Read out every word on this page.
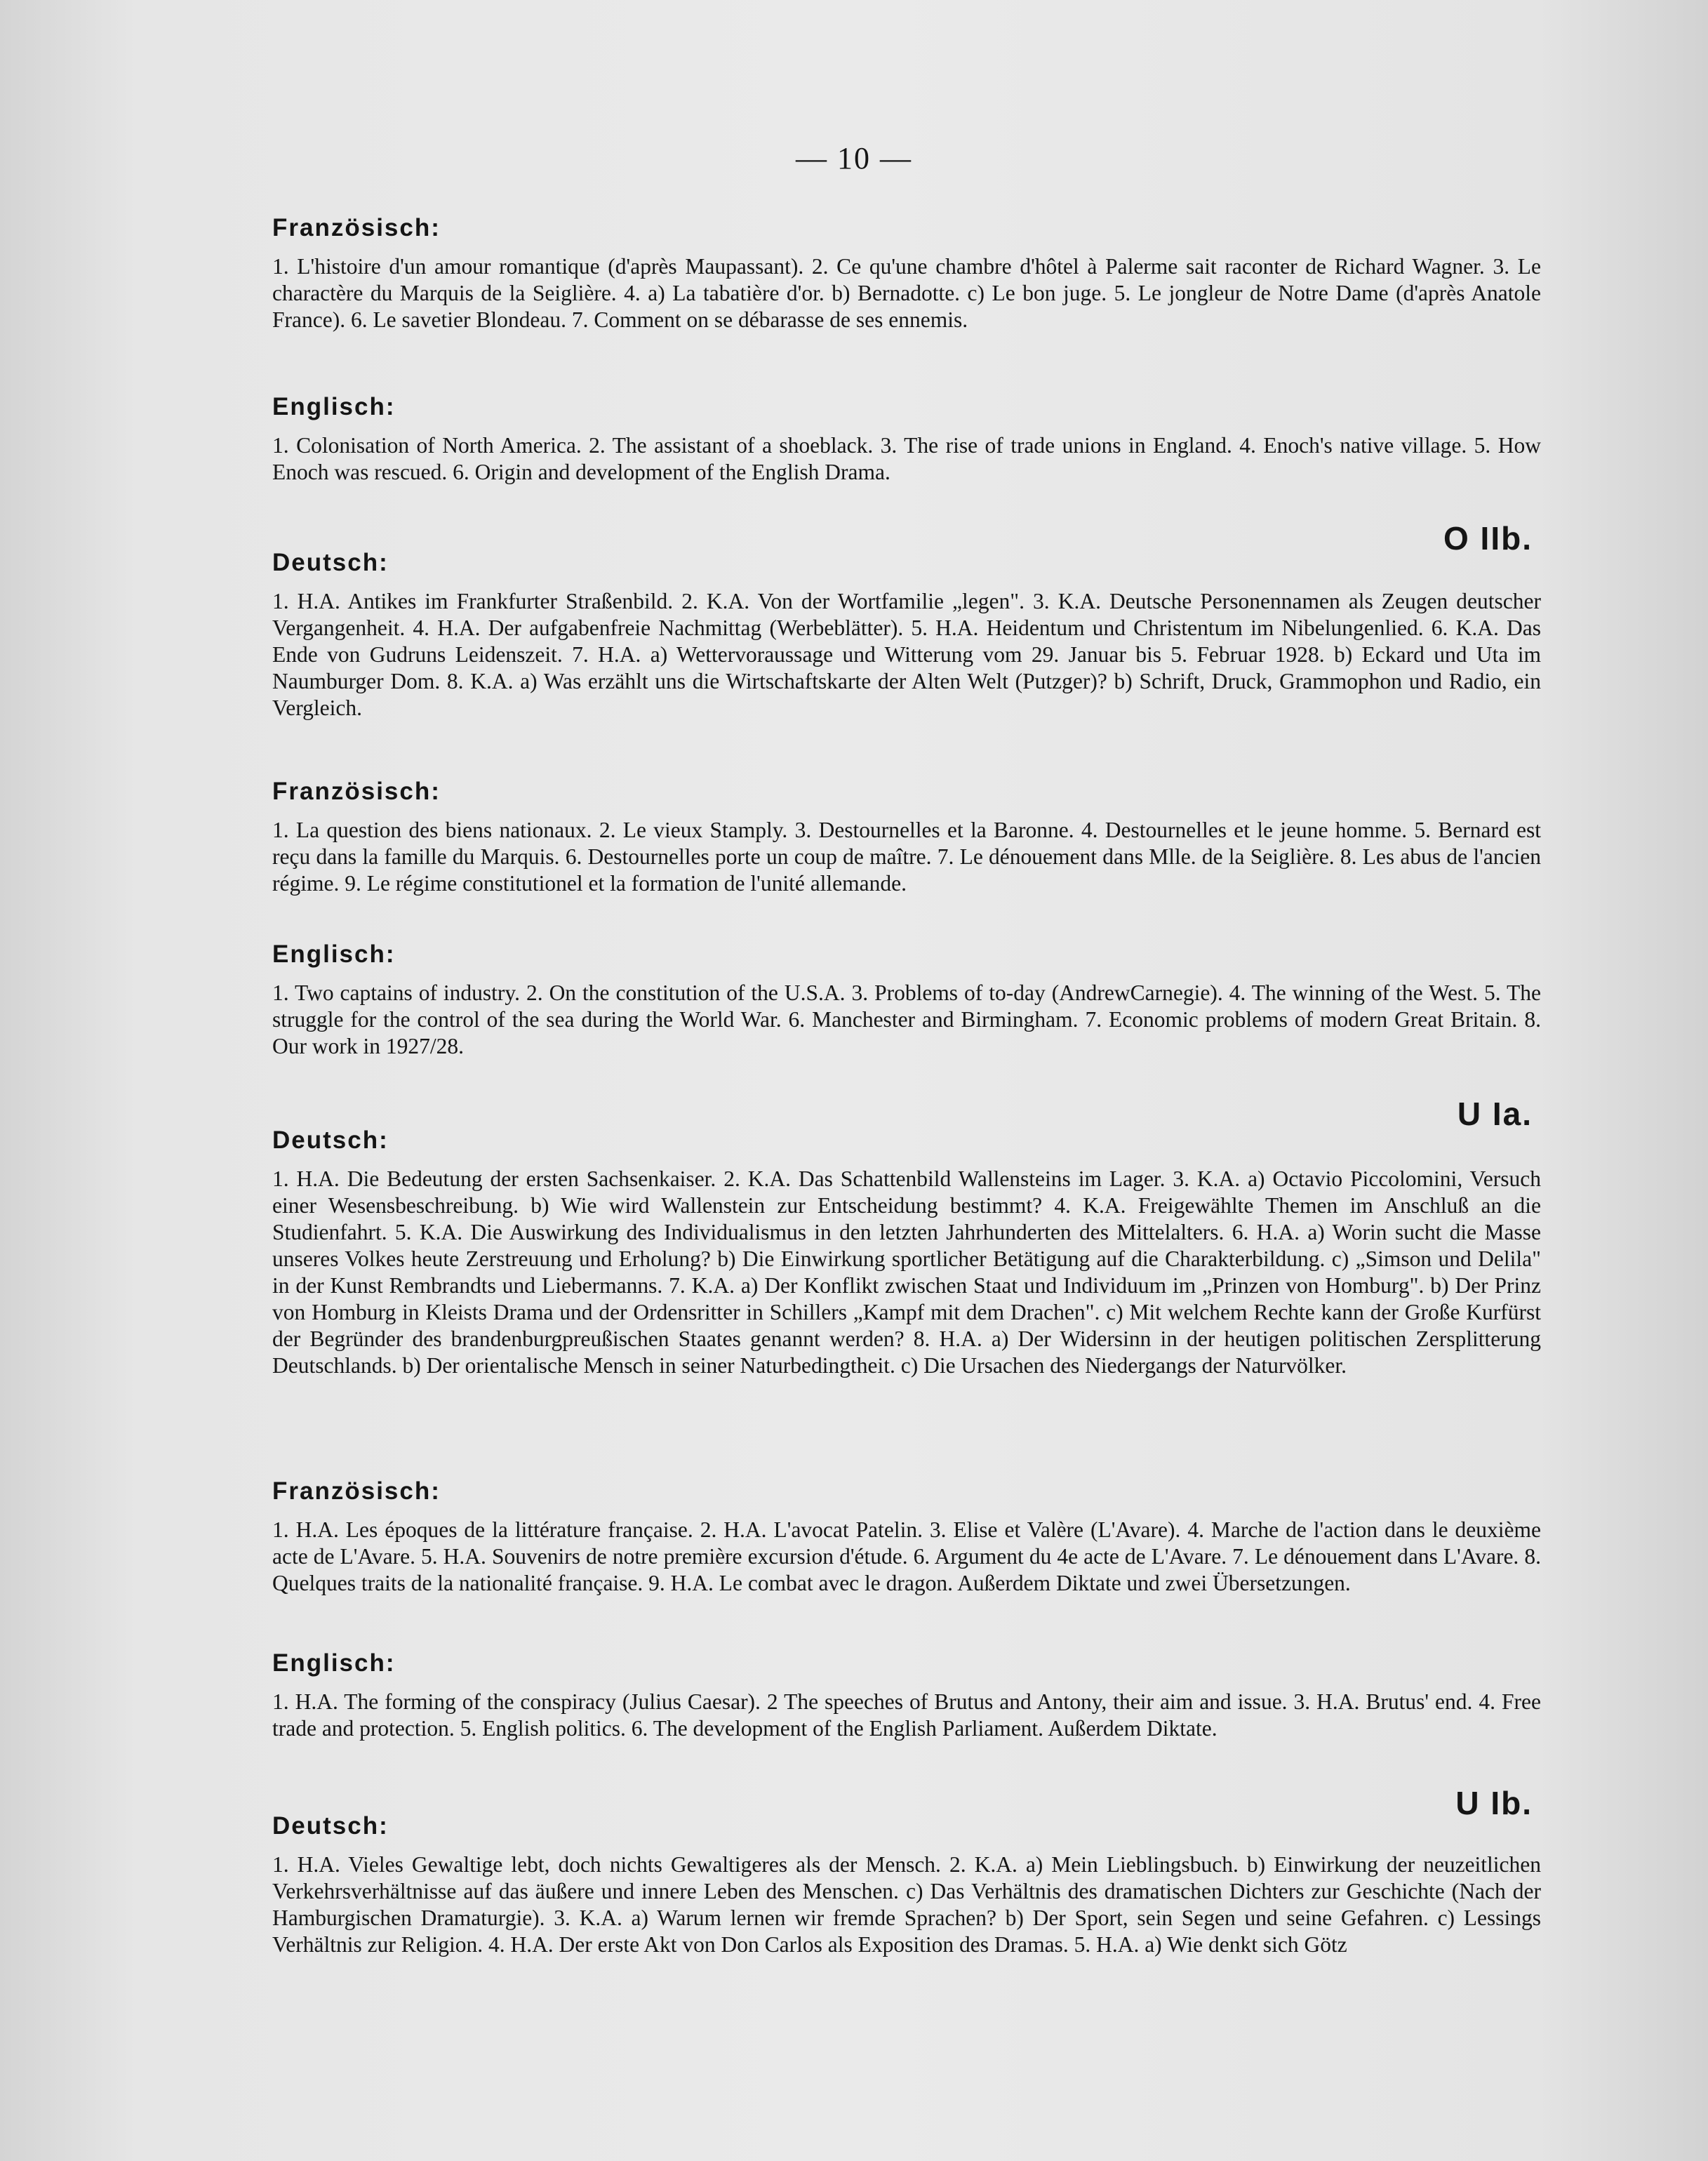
— 10 —
Französisch:

1. L'histoire d'un amour romantique (d'après Maupassant). 2. Ce qu'une chambre d'hôtel à Palerme sait raconter de Richard Wagner. 3. Le charactère du Marquis de la Seiglière. 4. a) La tabatière d'or. b) Bernadotte. c) Le bon juge. 5. Le jongleur de Notre Dame (d'après Anatole France). 6. Le savetier Blondeau. 7. Comment on se débarasse de ses ennemis.

Englisch:

1. Colonisation of North America. 2. The assistant of a shoeblack. 3. The rise of trade unions in England. 4. Enoch's native village. 5. How Enoch was rescued. 6. Origin and development of the English Drama.

O IIb.
Deutsch:

1. H.A. Antikes im Frankfurter Straßenbild. 2. K.A. Von der Wortfamilie „legen". 3. K.A. Deutsche Personennamen als Zeugen deutscher Vergangenheit. 4. H.A. Der aufgabenfreie Nachmittag (Werbeblätter). 5. H.A. Heidentum und Christentum im Nibelungenlied. 6. K.A. Das Ende von Gudruns Leidenszeit. 7. H.A. a) Wettervoraussage und Witterung vom 29. Januar bis 5. Februar 1928. b) Eckard und Uta im Naumburger Dom. 8. K.A. a) Was erzählt uns die Wirtschaftskarte der Alten Welt (Putzger)? b) Schrift, Druck, Grammophon und Radio, ein Vergleich.

Französisch:

1. La question des biens nationaux. 2. Le vieux Stamply. 3. Destournelles et la Baronne. 4. Destournelles et le jeune homme. 5. Bernard est reçu dans la famille du Marquis. 6. Destournelles porte un coup de maître. 7. Le dénouement dans Mlle. de la Seiglière. 8. Les abus de l'ancien régime. 9. Le régime constitutionel et la formation de l'unité allemande.

Englisch:

1. Two captains of industry. 2. On the constitution of the U.S.A. 3. Problems of to-day (AndrewCarnegie). 4. The winning of the West. 5. The struggle for the control of the sea during the World War. 6. Manchester and Birmingham. 7. Economic problems of modern Great Britain. 8. Our work in 1927/28.

U Ia.
Deutsch:

1. H.A. Die Bedeutung der ersten Sachsenkaiser. 2. K.A. Das Schattenbild Wallensteins im Lager. 3. K.A. a) Octavio Piccolomini, Versuch einer Wesensbeschreibung. b) Wie wird Wallenstein zur Entscheidung bestimmt? 4. K.A. Freigewählte Themen im Anschluß an die Studienfahrt. 5. K.A. Die Auswirkung des Individualismus in den letzten Jahrhunderten des Mittelalters. 6. H.A. a) Worin sucht die Masse unseres Volkes heute Zerstreuung und Erholung? b) Die Einwirkung sportlicher Betätigung auf die Charakterbildung. c) „Simson und Delila" in der Kunst Rembrandts und Liebermanns. 7. K.A. a) Der Konflikt zwischen Staat und Individuum im „Prinzen von Homburg". b) Der Prinz von Homburg in Kleists Drama und der Ordensritter in Schillers „Kampf mit dem Drachen". c) Mit welchem Rechte kann der Große Kurfürst der Begründer des brandenburgpreußischen Staates genannt werden? 8. H.A. a) Der Widersinn in der heutigen politischen Zersplitterung Deutschlands. b) Der orientalische Mensch in seiner Naturbedingtheit. c) Die Ursachen des Niedergangs der Naturvölker.

Französisch:

1. H.A. Les époques de la littérature française. 2. H.A. L'avocat Patelin. 3. Elise et Valère (L'Avare). 4. Marche de l'action dans le deuxième acte de L'Avare. 5. H.A. Souvenirs de notre première excursion d'étude. 6. Argument du 4e acte de L'Avare. 7. Le dénouement dans L'Avare. 8. Quelques traits de la nationalité française. 9. H.A. Le combat avec le dragon. Außerdem Diktate und zwei Übersetzungen.

Englisch:

1. H.A. The forming of the conspiracy (Julius Caesar). 2 The speeches of Brutus and Antony, their aim and issue. 3. H.A. Brutus' end. 4. Free trade and protection. 5. English politics. 6. The development of the English Parliament. Außerdem Diktate.

U Ib.
Deutsch:

1. H.A. Vieles Gewaltige lebt, doch nichts Gewaltigeres als der Mensch. 2. K.A. a) Mein Lieblingsbuch. b) Einwirkung der neuzeitlichen Verkehrsverhältnisse auf das äußere und innere Leben des Menschen. c) Das Verhältnis des dramatischen Dichters zur Geschichte (Nach der Hamburgischen Dramaturgie). 3. K.A. a) Warum lernen wir fremde Sprachen? b) Der Sport, sein Segen und seine Gefahren. c) Lessings Verhältnis zur Religion. 4. H.A. Der erste Akt von Don Carlos als Exposition des Dramas. 5. H.A. a) Wie denkt sich Götz
